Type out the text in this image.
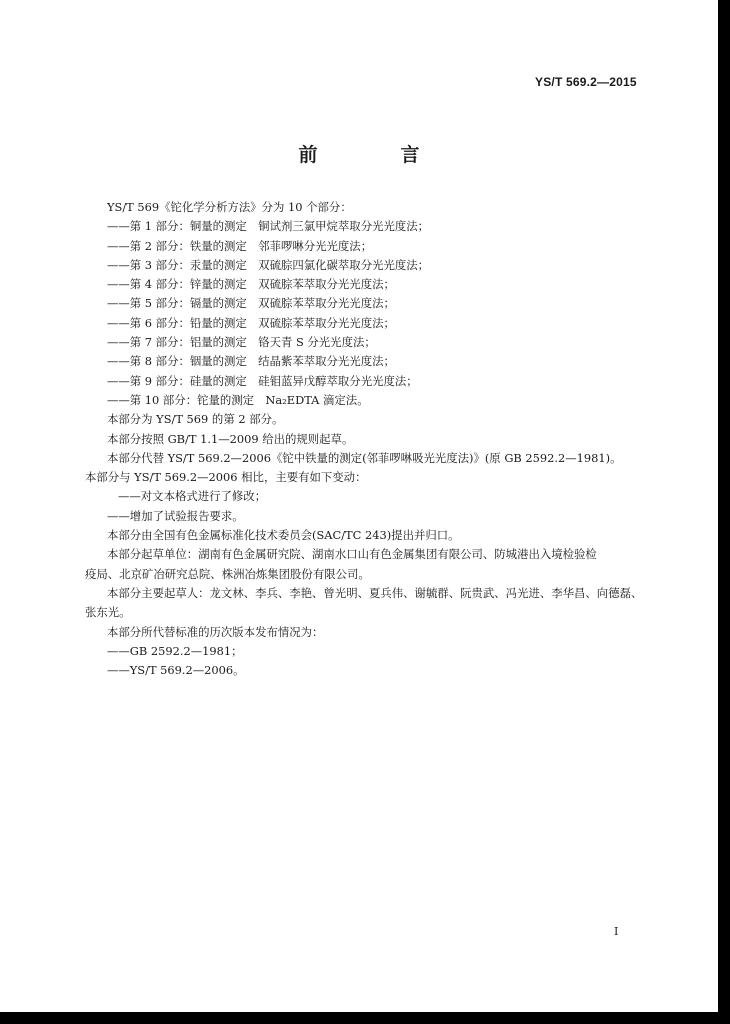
YS/T 569.2—2015
前　言
YS/T 569《铊化学分析方法》分为 10 个部分：
——第 1 部分：铜量的测定　铜试剂三氯甲烷萃取分光光度法；
——第 2 部分：铁量的测定　邻菲啰啉分光光度法；
——第 3 部分：汞量的测定　双硫腙四氯化碳萃取分光光度法；
——第 4 部分：锌量的测定　双硫腙苯萃取分光光度法；
——第 5 部分：镉量的测定　双硫腙苯萃取分光光度法；
——第 6 部分：铅量的测定　双硫腙苯萃取分光光度法；
——第 7 部分：铝量的测定　铬天青 S 分光光度法；
——第 8 部分：铟量的测定　结晶紫苯萃取分光光度法；
——第 9 部分：硅量的测定　硅钼蓝异戊醇萃取分光光度法；
——第 10 部分：铊量的测定　Na₂EDTA 滴定法。
本部分为 YS/T 569 的第 2 部分。
本部分按照 GB/T 1.1—2009 给出的规则起草。
本部分代替 YS/T 569.2—2006《铊中铁量的测定(邻菲啰啉吸光光度法)》(原 GB 2592.2—1981)。
本部分与 YS/T 569.2—2006 相比，主要有如下变动：
——对文本格式进行了修改；
——增加了试验报告要求。
本部分由全国有色金属标准化技术委员会(SAC/TC 243)提出并归口。
本部分起草单位：湖南有色金属研究院、湖南水口山有色金属集团有限公司、防城港出入境检验检
疫局、北京矿冶研究总院、株洲冶炼集团股份有限公司。
本部分主要起草人：龙文林、李兵、李艳、曾光明、夏兵伟、谢毓群、阮贵武、冯光进、李华昌、向德磊、
张东光。
本部分所代替标准的历次版本发布情况为：
——GB 2592.2—1981；
——YS/T 569.2—2006。
I
